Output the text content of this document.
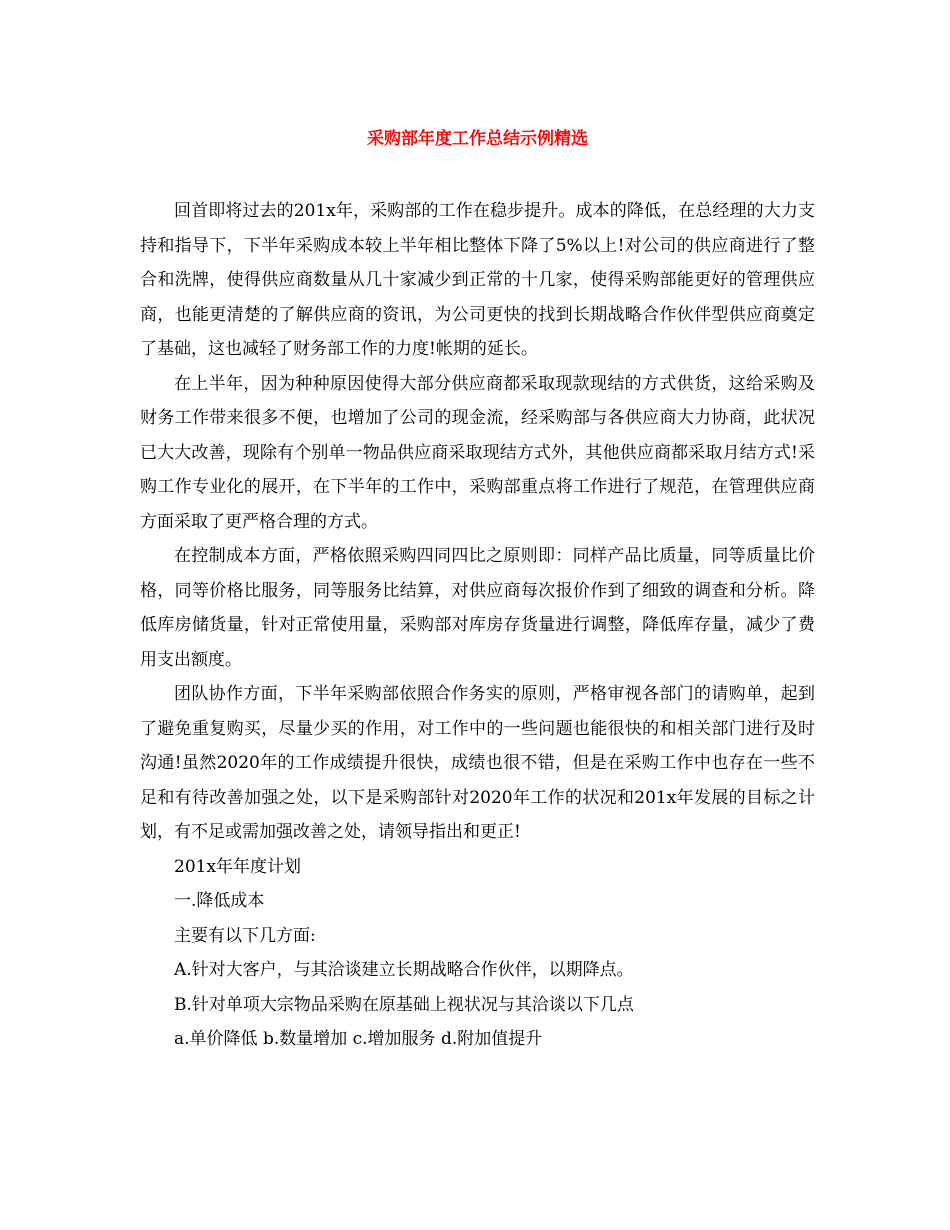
采购部年度工作总结示例精选

回首即将过去的201x年，采购部的工作在稳步提升。成本的降低，在总经理的大力支持和指导下，下半年采购成本较上半年相比整体下降了5%以上!对公司的供应商进行了整合和洗牌，使得供应商数量从几十家减少到正常的十几家，使得采购部能更好的管理供应商，也能更清楚的了解供应商的资讯，为公司更快的找到长期战略合作伙伴型供应商奠定了基础，这也减轻了财务部工作的力度!帐期的延长。

在上半年，因为种种原因使得大部分供应商都采取现款现结的方式供货，这给采购及财务工作带来很多不便，也增加了公司的现金流，经采购部与各供应商大力协商，此状况已大大改善，现除有个别单一物品供应商采取现结方式外，其他供应商都采取月结方式!采购工作专业化的展开，在下半年的工作中，采购部重点将工作进行了规范，在管理供应商方面采取了更严格合理的方式。

在控制成本方面，严格依照采购四同四比之原则即：同样产品比质量，同等质量比价格，同等价格比服务，同等服务比结算，对供应商每次报价作到了细致的调查和分析。降低库房储货量，针对正常使用量，采购部对库房存货量进行调整，降低库存量，减少了费用支出额度。

团队协作方面，下半年采购部依照合作务实的原则，严格审视各部门的请购单，起到了避免重复购买，尽量少买的作用，对工作中的一些问题也能很快的和相关部门进行及时沟通!虽然2020年的工作成绩提升很快，成绩也很不错，但是在采购工作中也存在一些不足和有待改善加强之处，以下是采购部针对2020年工作的状况和201x年发展的目标之计划，有不足或需加强改善之处，请领导指出和更正!

201x年年度计划

一.降低成本

主要有以下几方面:

A.针对大客户，与其洽谈建立长期战略合作伙伴，以期降点。

B.针对单项大宗物品采购在原基础上视状况与其洽谈以下几点

a.单价降低 b.数量增加 c.增加服务 d.附加值提升
